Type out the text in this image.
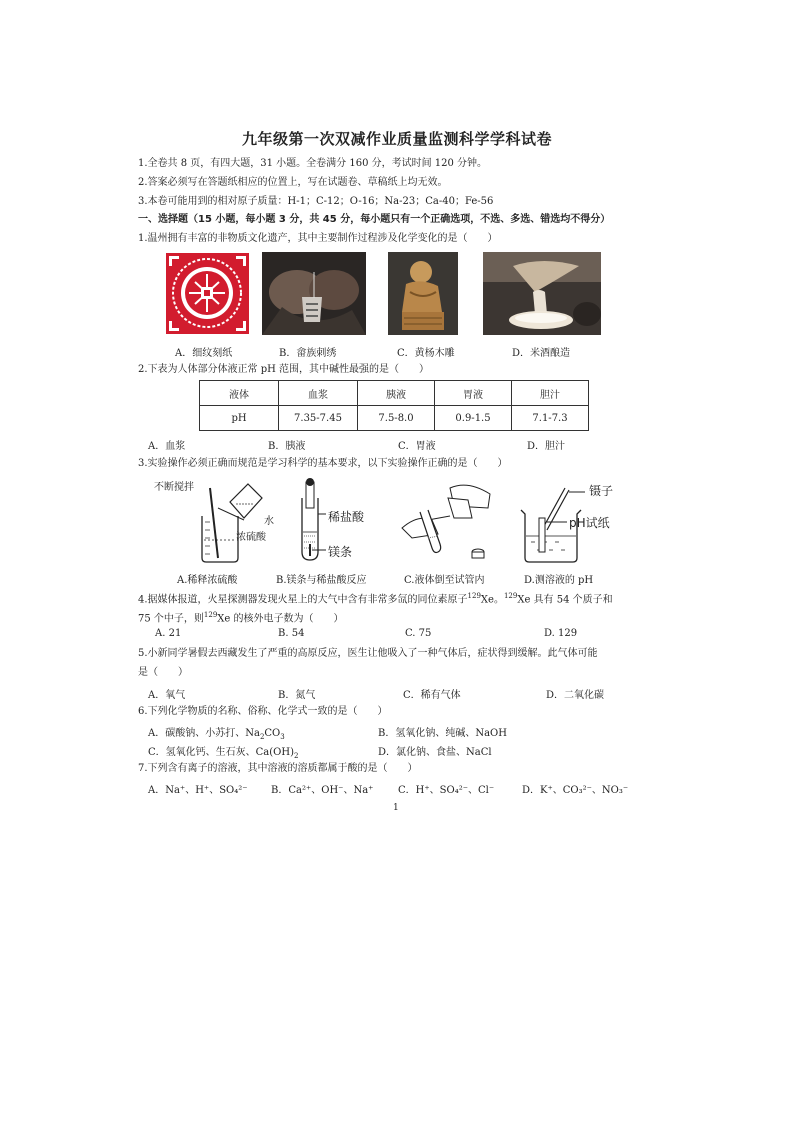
九年级第一次双减作业质量监测科学学科试卷
1.全卷共 8 页，有四大题，31 小题。全卷满分 160 分，考试时间 120 分钟。
2.答案必须写在答题纸相应的位置上，写在试题卷、草稿纸上均无效。
3.本卷可能用到的相对原子质量：H-1；C-12；O-16；Na-23；Ca-40；Fe-56
一、选择题（15 小题，每小题 3 分，共 45 分，每小题只有一个正确选项，不选、多选、错选均不得分）
1.温州拥有丰富的非物质文化遗产，其中主要制作过程涉及化学变化的是（　　）
A．细纹刻纸	B．畲族刺绣	C．黄杨木雕	D．米酒酿造
2.下表为人体部分体液正常 pH 范围，其中碱性最强的是（　　）
液体	血浆	胰液	胃液	胆汁
pH	7.35-7.45	7.5-8.0	0.9-1.5	7.1-7.3
A．血浆	B．胰液	C．胃液	D．胆汁
3.实验操作必须正确而规范是学习科学的基本要求，以下实验操作正确的是（　　）
不断搅拌
水
浓硫酸
稀盐酸
镁条
镊子
pH试纸
A.稀释浓硫酸	B.镁条与稀盐酸反应	C.液体倒至试管内	D.测溶液的 pH
4.据媒体报道，火星探测器发现火星上的大气中含有非常多氙的同位素原子$^{129}$Xe。$^{129}$Xe 具有 54 个质子和
75 个中子，则$^{129}$Xe 的核外电子数为（　　）
A. 21	B. 54	C. 75	D. 129
5.小新同学暑假去西藏发生了严重的高原反应，医生让他吸入了一种气体后，症状得到缓解。此气体可能
是（　　）
A．氧气	B．氮气	C．稀有气体	D．二氧化碳
6.下列化学物质的名称、俗称、化学式一致的是（　　）
A．碳酸钠、小苏打、$Na_2CO_3$	B．氢氧化钠、纯碱、NaOH
C．氢氧化钙、生石灰、$Ca(OH)_2$	D．氯化钠、食盐、NaCl
7.下列含有离子的溶液，其中溶液的溶质都属于酸的是（　　）
A．Na⁺、H⁺、SO₄²⁻ B．Ca²⁺、OH⁻、Na⁺ C．H⁺、SO₄²⁻、Cl⁻	D．K⁺、CO₃²⁻、NO₃⁻
1
